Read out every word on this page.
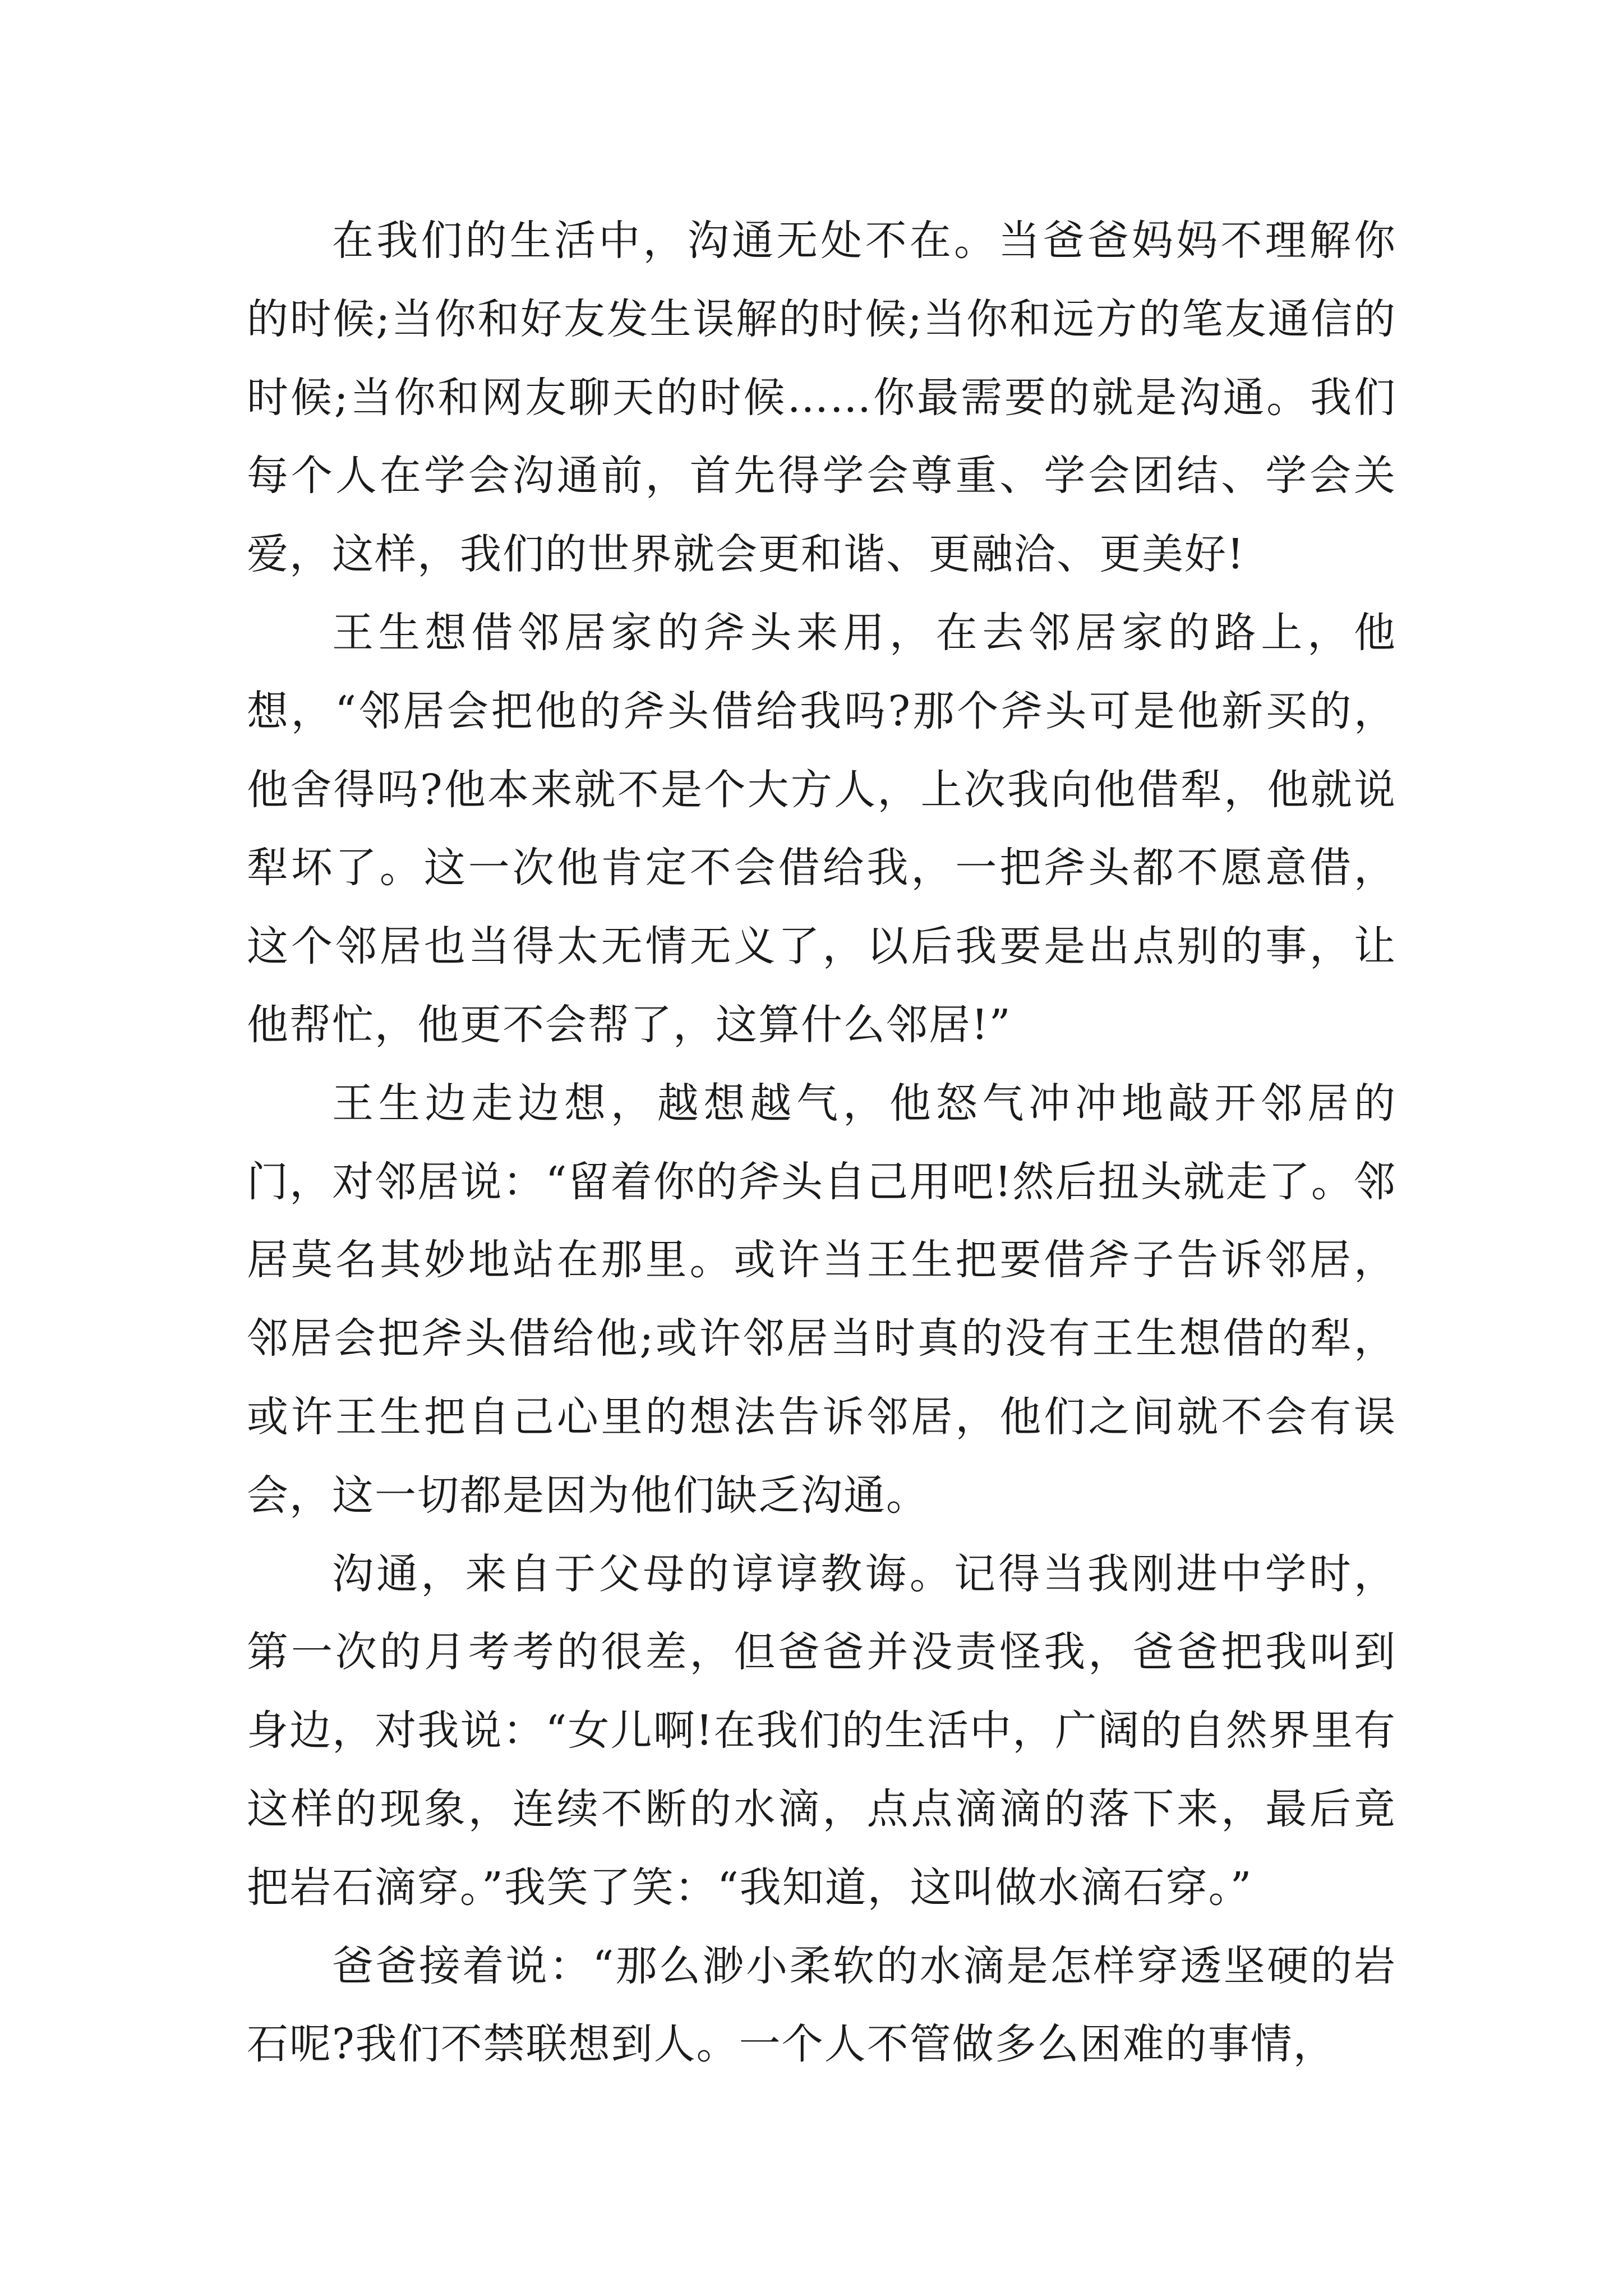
在我们的生活中，沟通无处不在。当爸爸妈妈不理解你的时候;当你和好友发生误解的时候;当你和远方的笔友通信的时候;当你和网友聊天的时候……你最需要的就是沟通。我们每个人在学会沟通前，首先得学会尊重、学会团结、学会关爱，这样，我们的世界就会更和谐、更融洽、更美好!

王生想借邻居家的斧头来用，在去邻居家的路上，他想，“邻居会把他的斧头借给我吗?那个斧头可是他新买的，他舍得吗?他本来就不是个大方人，上次我向他借犁，他就说犁坏了。这一次他肯定不会借给我，一把斧头都不愿意借，这个邻居也当得太无情无义了，以后我要是出点别的事，让他帮忙，他更不会帮了，这算什么邻居!”

王生边走边想，越想越气，他怒气冲冲地敲开邻居的门，对邻居说：“留着你的斧头自己用吧!然后扭头就走了。邻居莫名其妙地站在那里。或许当王生把要借斧子告诉邻居，邻居会把斧头借给他;或许邻居当时真的没有王生想借的犁，或许王生把自己心里的想法告诉邻居，他们之间就不会有误会，这一切都是因为他们缺乏沟通。

沟通，来自于父母的谆谆教诲。记得当我刚进中学时，第一次的月考考的很差，但爸爸并没责怪我，爸爸把我叫到身边，对我说：“女儿啊!在我们的生活中，广阔的自然界里有这样的现象，连续不断的水滴，点点滴滴的落下来，最后竟把岩石滴穿。”我笑了笑：“我知道，这叫做水滴石穿。”

爸爸接着说：“那么渺小柔软的水滴是怎样穿透坚硬的岩石呢?我们不禁联想到人。一个人不管做多么困难的事情，
